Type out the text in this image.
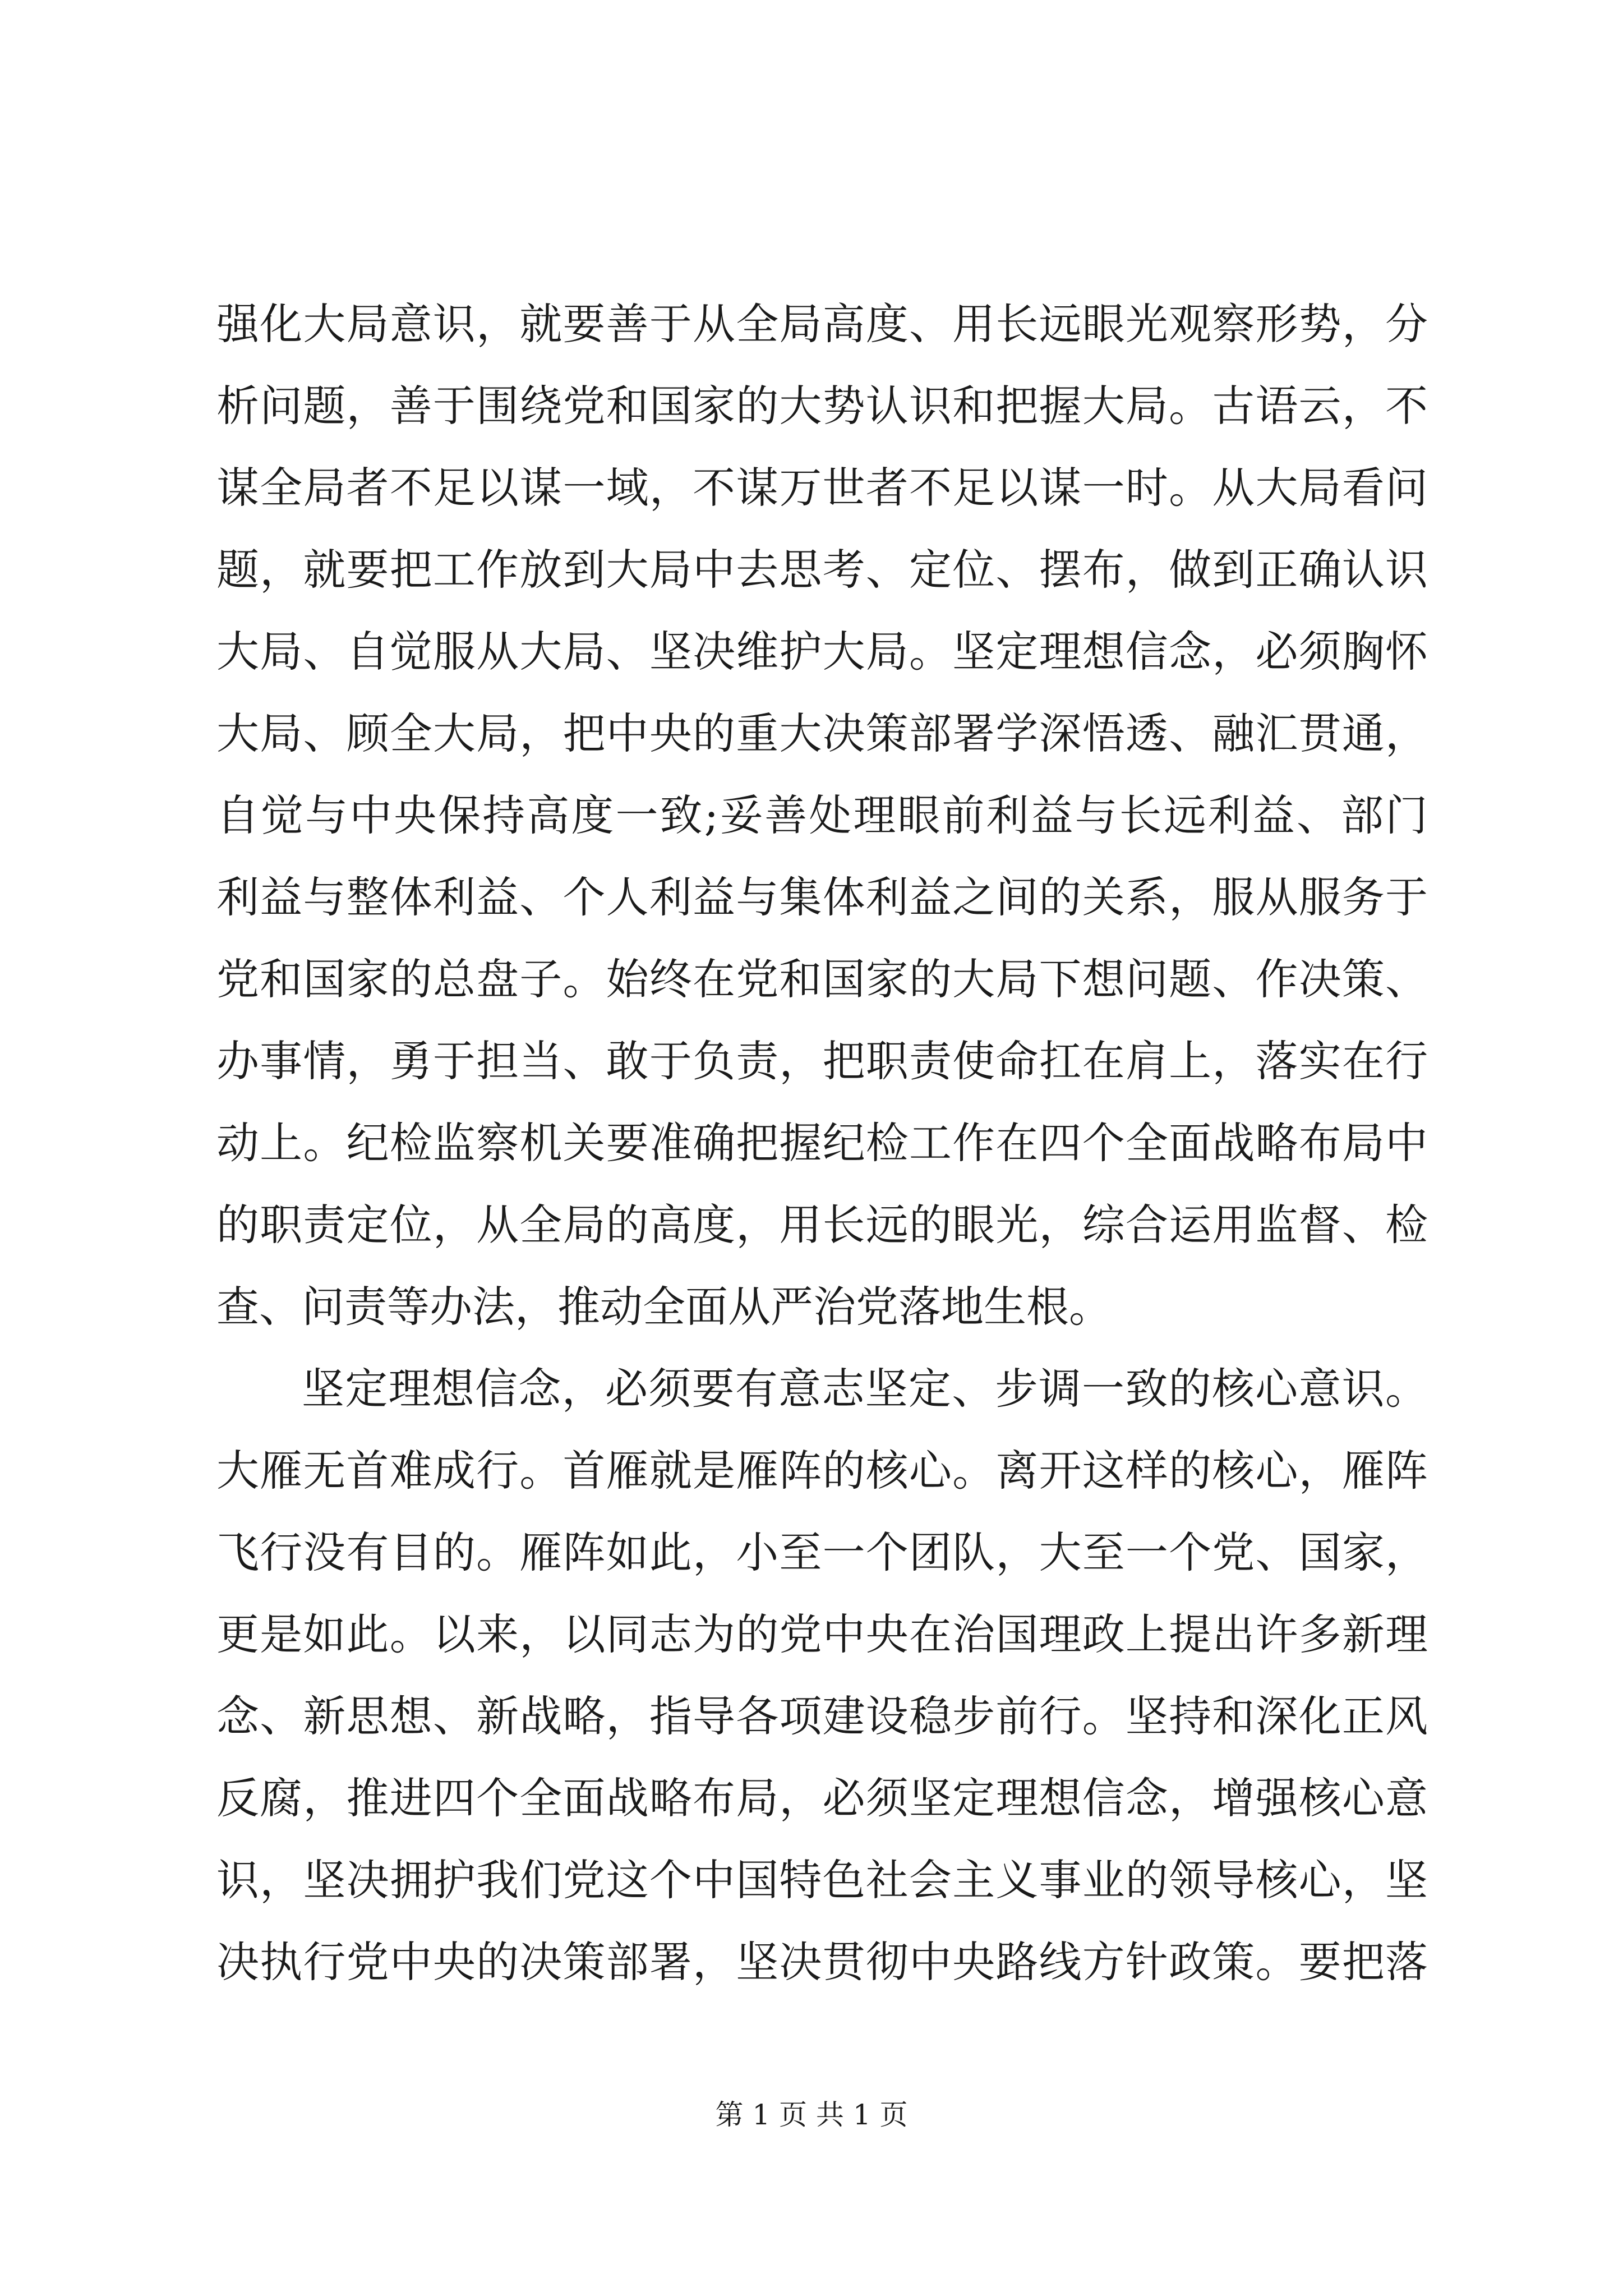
强化大局意识，就要善于从全局高度、用长远眼光观察形势，分
析问题，善于围绕党和国家的大势认识和把握大局。古语云，不
谋全局者不足以谋一域，不谋万世者不足以谋一时。从大局看问
题，就要把工作放到大局中去思考、定位、摆布，做到正确认识
大局、自觉服从大局、坚决维护大局。坚定理想信念，必须胸怀
大局、顾全大局，把中央的重大决策部署学深悟透、融汇贯通，
自觉与中央保持高度一致;妥善处理眼前利益与长远利益、部门
利益与整体利益、个人利益与集体利益之间的关系，服从服务于
党和国家的总盘子。始终在党和国家的大局下想问题、作决策、
办事情，勇于担当、敢于负责，把职责使命扛在肩上，落实在行
动上。纪检监察机关要准确把握纪检工作在四个全面战略布局中
的职责定位，从全局的高度，用长远的眼光，综合运用监督、检
查、问责等办法，推动全面从严治党落地生根。
坚定理想信念，必须要有意志坚定、步调一致的核心意识。
大雁无首难成行。首雁就是雁阵的核心。离开这样的核心，雁阵
飞行没有目的。雁阵如此，小至一个团队，大至一个党、国家，
更是如此。以来，以同志为的党中央在治国理政上提出许多新理
念、新思想、新战略，指导各项建设稳步前行。坚持和深化正风
反腐，推进四个全面战略布局，必须坚定理想信念，增强核心意
识，坚决拥护我们党这个中国特色社会主义事业的领导核心，坚
决执行党中央的决策部署，坚决贯彻中央路线方针政策。要把落
第 1 页 共 1 页
